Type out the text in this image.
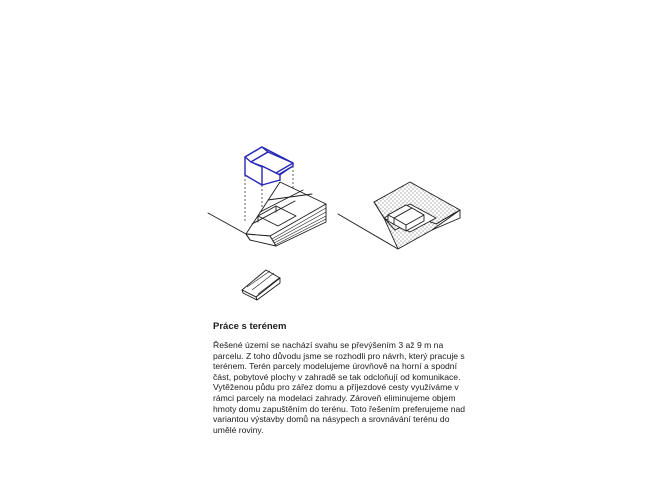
Práce s terénem

Řešené území se nachází svahu se převýšením 3 až 9 m na parcelu. Z toho důvodu jsme se rozhodli pro návrh, který pracuje s terénem. Terén parcely modelujeme úrovňově na horní a spodní část, pobytové plochy v zahradě se tak odcloňují od komunikace. Vytěženou půdu pro zářez domu a příjezdové cesty využíváme v rámci parcely na modelaci zahrady. Zároveň eliminujeme objem hmoty domu zapuštěním do terénu. Toto řešením preferujeme nad variantou výstavby domů na násypech a srovnávání terénu do umělé roviny.
